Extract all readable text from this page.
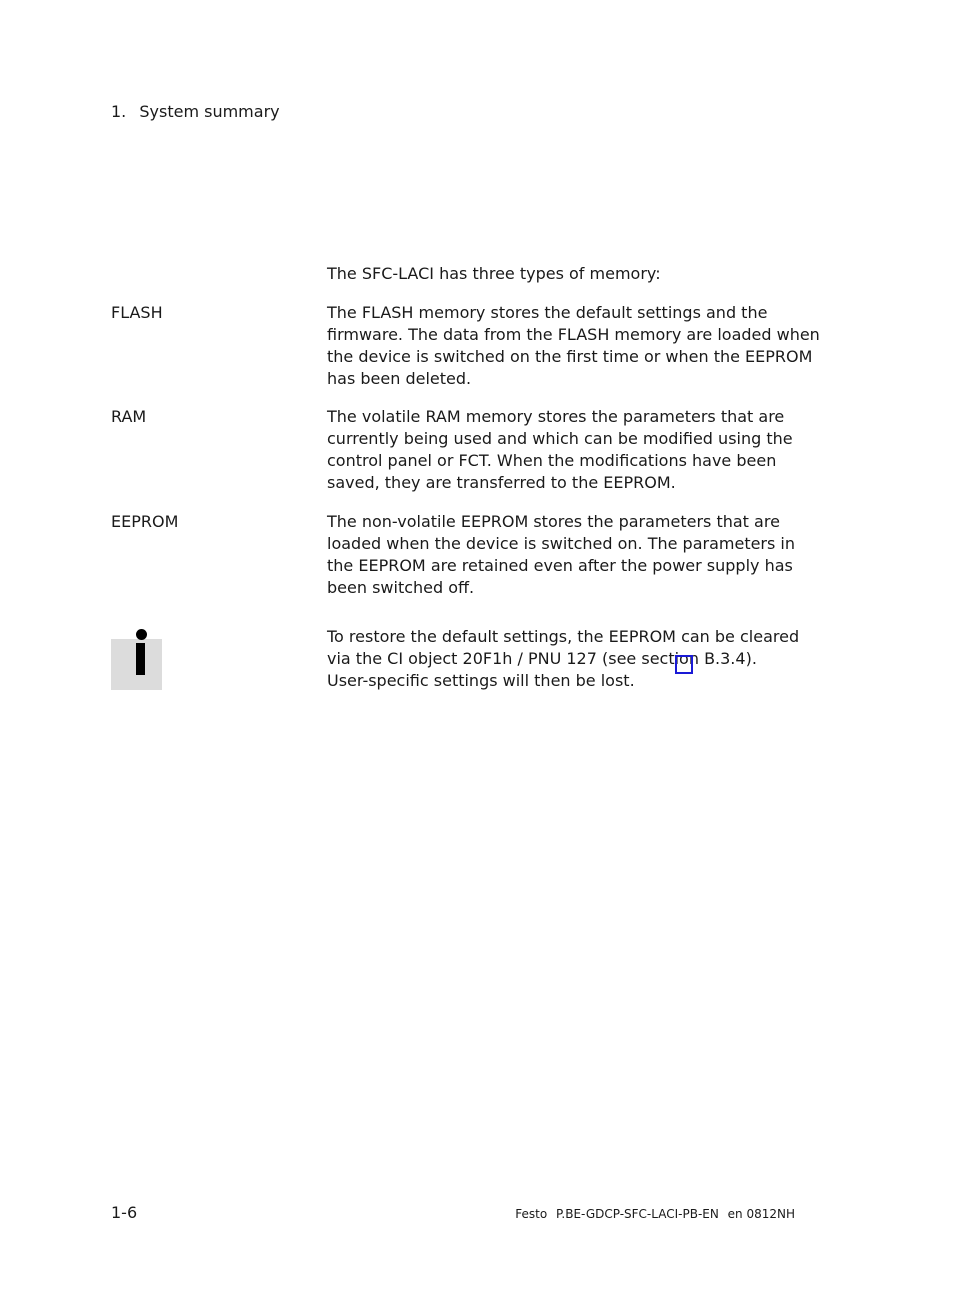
1. System summary
The SFC-LACI has three types of memory:
FLASH	The FLASH memory stores the default settings and the
firmware. The data from the FLASH memory are loaded when
the device is switched on the first time or when the EEPROM
has been deleted.
RAM	The volatile RAM memory stores the parameters that are
currently being used and which can be modified using the
control panel or FCT. When the modifications have been
saved, they are transferred to the EEPROM.
EEPROM	The non-volatile EEPROM stores the parameters that are
loaded when the device is switched on. The parameters in
the EEPROM are retained even after the power supply has
been switched off.
To restore the default settings, the EEPROM can be cleared
via the CI object 20F1h / PNU 127 (see section B.3.4).
User-specific settings will then be lost.
1-6	Festo P.BE-GDCP-SFC-LACI-PB-EN en 0812NH
